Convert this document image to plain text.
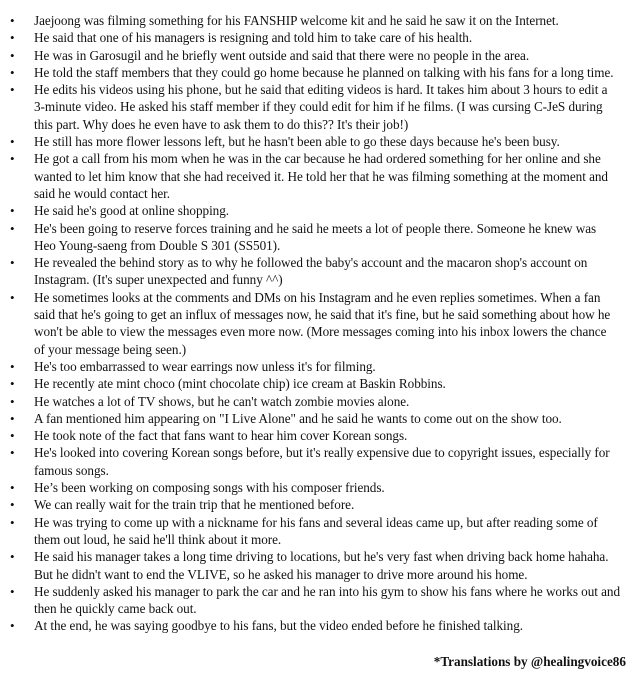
• Jaejoong was filming something for his FANSHIP welcome kit and he said he saw it on the Internet.
• He said that one of his managers is resigning and told him to take care of his health.
• He was in Garosugil and he briefly went outside and said that there were no people in the area.
• He told the staff members that they could go home because he planned on talking with his fans for a long time.
• He edits his videos using his phone, but he said that editing videos is hard. It takes him about 3 hours to edit a 3-minute video. He asked his staff member if they could edit for him if he films. (I was cursing C-JeS during this part. Why does he even have to ask them to do this?? It's their job!)
• He still has more flower lessons left, but he hasn't been able to go these days because he's been busy.
• He got a call from his mom when he was in the car because he had ordered something for her online and she wanted to let him know that she had received it. He told her that he was filming something at the moment and said he would contact her.
• He said he's good at online shopping.
• He's been going to reserve forces training and he said he meets a lot of people there. Someone he knew was Heo Young-saeng from Double S 301 (SS501).
• He revealed the behind story as to why he followed the baby's account and the macaron shop's account on Instagram. (It's super unexpected and funny ^^)
• He sometimes looks at the comments and DMs on his Instagram and he even replies sometimes. When a fan said that he's going to get an influx of messages now, he said that it's fine, but he said something about how he won't be able to view the messages even more now. (More messages coming into his inbox lowers the chance of your message being seen.)
• He's too embarrassed to wear earrings now unless it's for filming.
• He recently ate mint choco (mint chocolate chip) ice cream at Baskin Robbins.
• He watches a lot of TV shows, but he can't watch zombie movies alone.
• A fan mentioned him appearing on "I Live Alone" and he said he wants to come out on the show too.
• He took note of the fact that fans want to hear him cover Korean songs.
• He's looked into covering Korean songs before, but it's really expensive due to copyright issues, especially for famous songs.
• He’s been working on composing songs with his composer friends.
• We can really wait for the train trip that he mentioned before.
• He was trying to come up with a nickname for his fans and several ideas came up, but after reading some of them out loud, he said he'll think about it more.
• He said his manager takes a long time driving to locations, but he's very fast when driving back home hahaha. But he didn't want to end the VLIVE, so he asked his manager to drive more around his home.
• He suddenly asked his manager to park the car and he ran into his gym to show his fans where he works out and then he quickly came back out.
• At the end, he was saying goodbye to his fans, but the video ended before he finished talking.
*Translations by @healingvoice86
